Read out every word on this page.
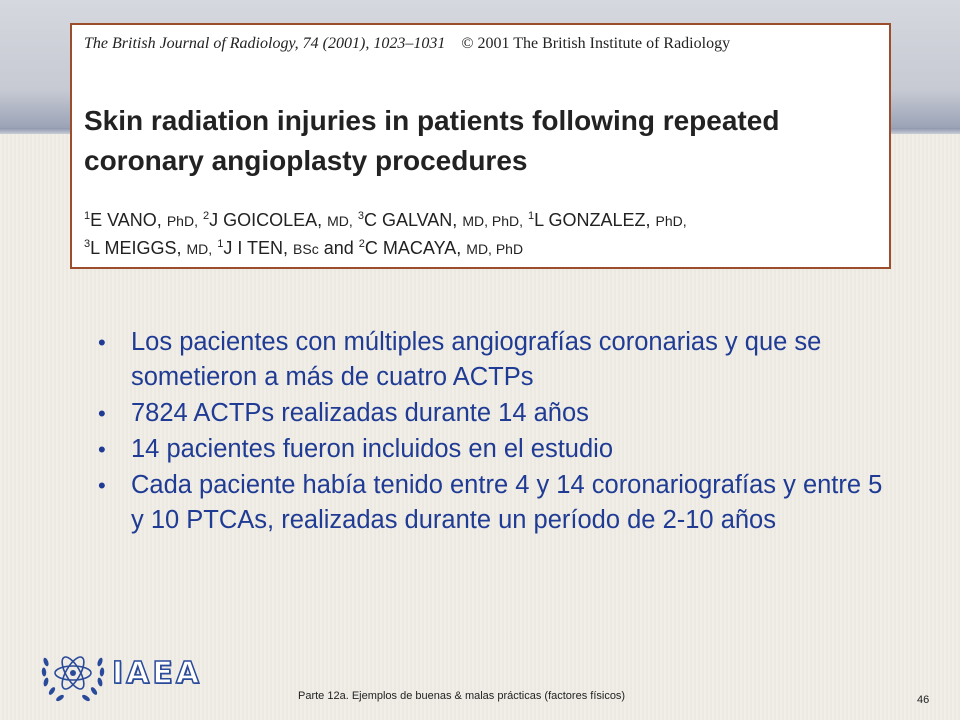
The British Journal of Radiology, 74 (2001), 1023–1031 © 2001 The British Institute of Radiology
Skin radiation injuries in patients following repeated
coronary angioplasty procedures
$^1$E VANO, PhD, $^2$J GOICOLEA, MD, $^3$C GALVAN, MD, PhD, $^1$L GONZALEZ, PhD,
$^3$L MEIGGS, MD, $^1$J I TEN, BSc and $^2$C MACAYA, MD, PhD
• Los pacientes con múltiples angiografías coronarias y que se sometieron a más de cuatro ACTPs
• 7824 ACTPs realizadas durante 14 años
• 14 pacientes fueron incluidos en el estudio
• Cada paciente había tenido entre 4 y 14 coronariografías y entre 5 y 10 PTCAs, realizadas durante un período de 2-10 años
IAEA
Parte 12a. Ejemplos de buenas & malas prácticas (factores físicos)	46
